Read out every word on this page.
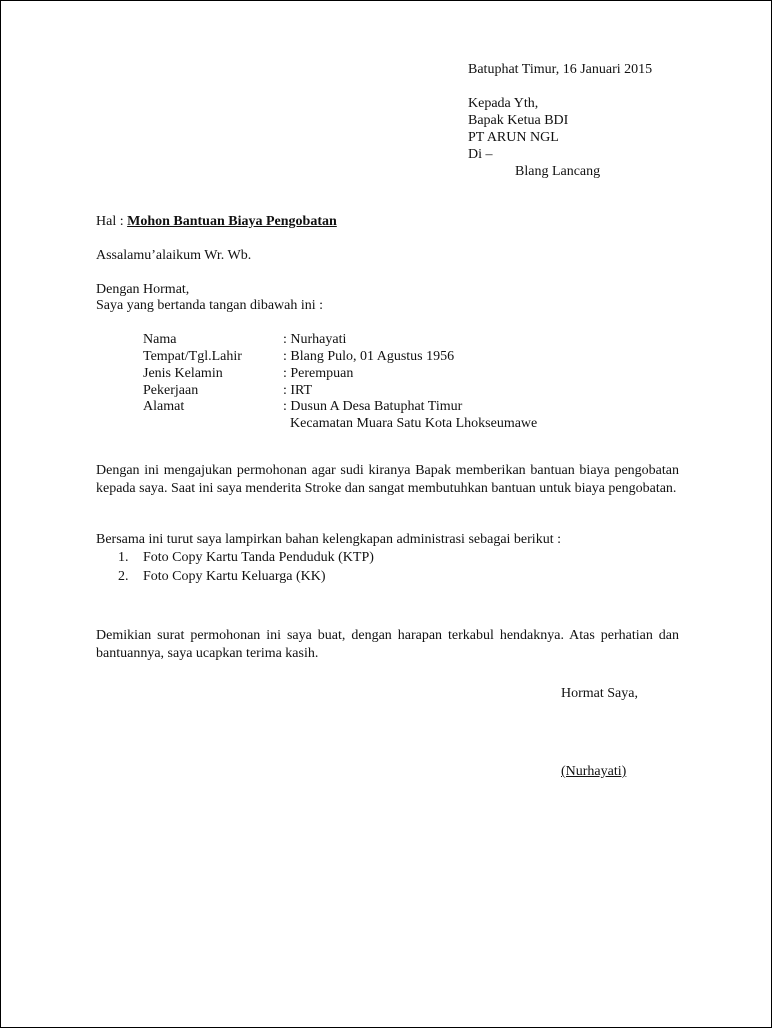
Batuphat Timur, 16 Januari 2015
Kepada Yth,
Bapak Ketua BDI
PT ARUN NGL
Di –
Blang Lancang
Hal : Mohon Bantuan Biaya Pengobatan
Assalamu’alaikum Wr. Wb.
Dengan Hormat,
Saya yang bertanda tangan dibawah ini :
Nama	: Nurhayati
Tempat/Tgl.Lahir	: Blang Pulo, 01 Agustus 1956
Jenis Kelamin	: Perempuan
Pekerjaan	: IRT
Alamat	: Dusun A Desa Batuphat Timur
Kecamatan Muara Satu Kota Lhokseumawe
Dengan ini mengajukan permohonan agar sudi kiranya Bapak memberikan bantuan biaya pengobatan kepada saya. Saat ini saya menderita Stroke dan sangat membutuhkan bantuan untuk biaya pengobatan.
Bersama ini turut saya lampirkan bahan kelengkapan administrasi sebagai berikut :
1. Foto Copy Kartu Tanda Penduduk (KTP)
2. Foto Copy Kartu Keluarga (KK)
Demikian surat permohonan ini saya buat, dengan harapan terkabul hendaknya. Atas perhatian dan bantuannya, saya ucapkan terima kasih.
Hormat Saya,
(Nurhayati)
